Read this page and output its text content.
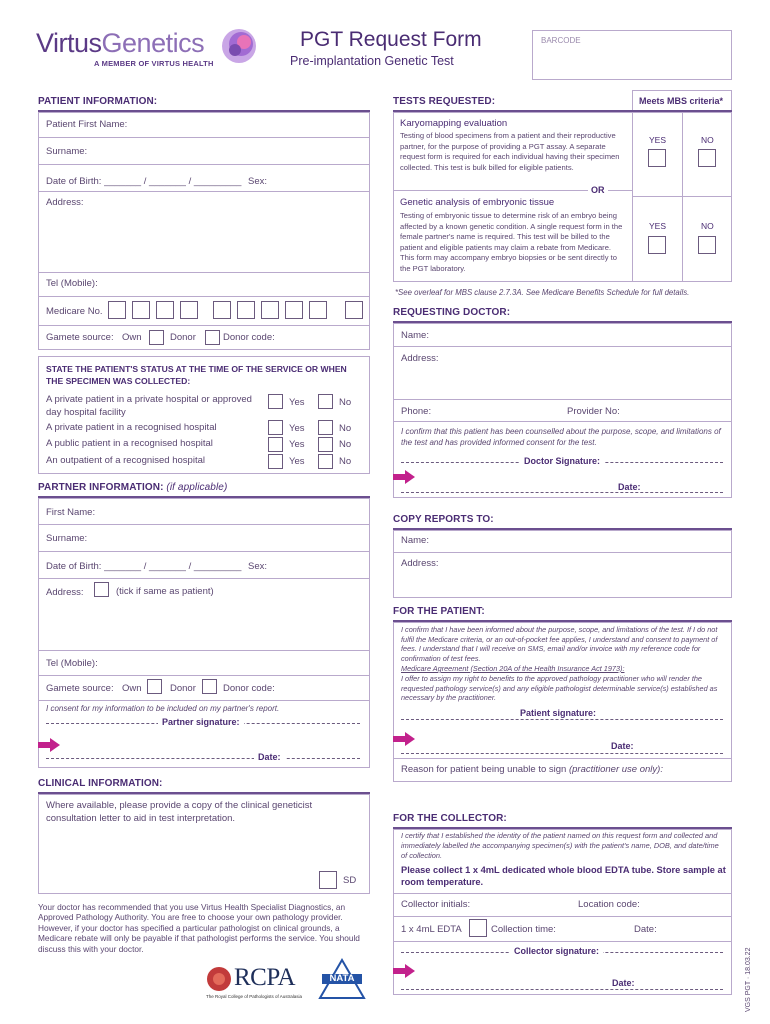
VirtusGenetics
A MEMBER OF VIRTUS HEALTH
PGT Request Form
Pre-implantation Genetic Test
BARCODE
PATIENT INFORMATION:
Patient First Name:
Surname:
Date of Birth: _______ / _______ / _________ Sex:
Address:
Tel (Mobile):
Medicare No.
Gamete source: Own	Donor	Donor code:
STATE THE PATIENT'S STATUS AT THE TIME OF THE SERVICE OR WHEN THE SPECIMEN WAS COLLECTED:
A private patient in a private hospital or approved day hospital facility
Yes	No
A private patient in a recognised hospital	Yes	No
A public patient in a recognised hospital	Yes	No
An outpatient of a recognised hospital	Yes	No
PARTNER INFORMATION: (if applicable)
First Name:
Surname:
Date of Birth: _______ / _______ / _________ Sex:
Address:	(tick if same as patient)
Tel (Mobile):
Gamete source: Own	Donor	Donor code:
I consent for my information to be included on my partner's report.
Partner signature:
Date:
CLINICAL INFORMATION:
Where available, please provide a copy of the clinical geneticist consultation letter to aid in test interpretation.
SD
Your doctor has recommended that you use Virtus Health Specialist Diagnostics, an Approved Pathology Authority. You are free to choose your own pathology provider. However, if your doctor has specified a particular pathologist on clinical grounds, a Medicare rebate will only be payable if that pathologist performs the service. You should discuss this with your doctor.
RCPA
The Royal College of Pathologists of Australasia
NATA
TESTS REQUESTED:	Meets MBS criteria*
Karyomapping evaluation
Testing of blood specimens from a patient and their reproductive partner, for the purpose of providing a PGT assay. A separate request form is required for each individual having their specimen collected. This test is bulk billed for eligible patients.
YES	NO
OR
Genetic analysis of embryonic tissue
Testing of embryonic tissue to determine risk of an embryo being affected by a known genetic condition. A single request form in the female partner's name is required. This test will be billed to the patient and eligible patients may claim a rebate from Medicare. This form may accompany embryo biopsies or be sent directly to the PGT laboratory.
YES	NO
*See overleaf for MBS clause 2.7.3A. See Medicare Benefits Schedule for full details.
REQUESTING DOCTOR:
Name:
Address:
Phone:	Provider No:
I confirm that this patient has been counselled about the purpose, scope, and limitations of the test and has provided informed consent for the test.
Doctor Signature:
Date:
COPY REPORTS TO:
Name:
Address:
FOR THE PATIENT:
I confirm that I have been informed about the purpose, scope, and limitations of the test. If I do not fulfil the Medicare criteria, or an out-of-pocket fee applies, I understand and consent to payment of fees. I understand that I will receive on SMS, email and/or invoice with my reference code for confirmation of test fees.
Medicare Agreement (Section 20A of the Health Insurance Act 1973):
I offer to assign my right to benefits to the approved pathology practitioner who will render the requested pathology service(s) and any eligible pathologist determinable service(s) established as necessary by the practitioner.
Patient signature:
Date:
Reason for patient being unable to sign (practitioner use only):
FOR THE COLLECTOR:
I certify that I established the identity of the patient named on this request form and collected and immediately labelled the accompanying specimen(s) with the patient's name, DOB, and date/time of collection.
Please collect 1 x 4mL dedicated whole blood EDTA tube. Store sample at room temperature.
Collector initials:	Location code:
1 x 4mL EDTA	Collection time:	Date:
Collector signature:
Date:	VGS PGT · 18.03.22
